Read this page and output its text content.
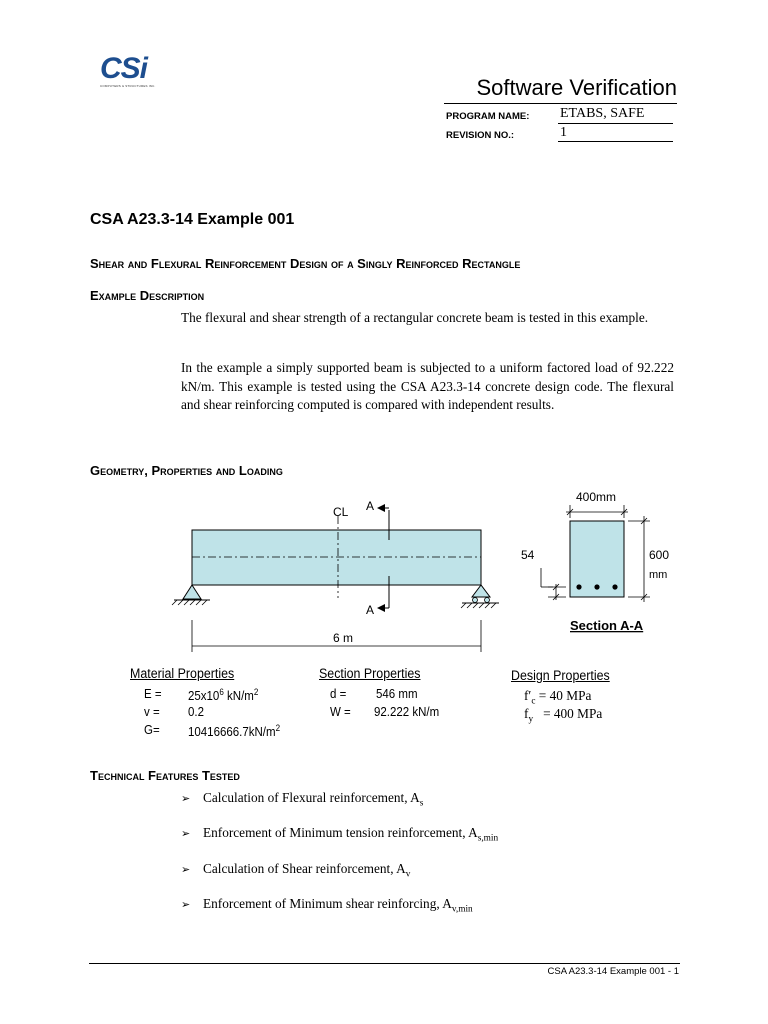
CSi
COMPUTERS & STRUCTURES INC.	Software Verification
PROGRAM NAME: ETABS, SAFE
REVISION NO.:	1
CSA A23.3-14 Example 001
Shear and Flexural Reinforcement Design of a Singly Reinforced Rectangle
Example Description
The flexural and shear strength of a rectangular concrete beam is tested in this example.
In the example a simply supported beam is subjected to a uniform factored load of 92.222 kN/m. This example is tested using the CSA A23.3-14 concrete design code. The flexural and shear reinforcing computed is compared with independent results.
Geometry, Properties and Loading
CL A
A
6 m
400mm
600
mm
54
Section A-A
Material Properties
$E = 25x10^6$ $kN/m^2$
v = 0.2
$G= 10416666.7kN/m^2$
Section Properties
d = 546 mm
W = 92.222 kN/m
Design Properties
$f'_c = 40$ MPa
$f_y = 400$ MPa
Technical Features Tested
➢ Calculation of Flexural reinforcement, $A_s$
➢ Enforcement of Minimum tension reinforcement, $A_{s,min}$
➢ Calculation of Shear reinforcement, $A_v$
➢ Enforcement of Minimum shear reinforcing, $A_{v,min}$
CSA A23.3-14 Example 001 - 1
